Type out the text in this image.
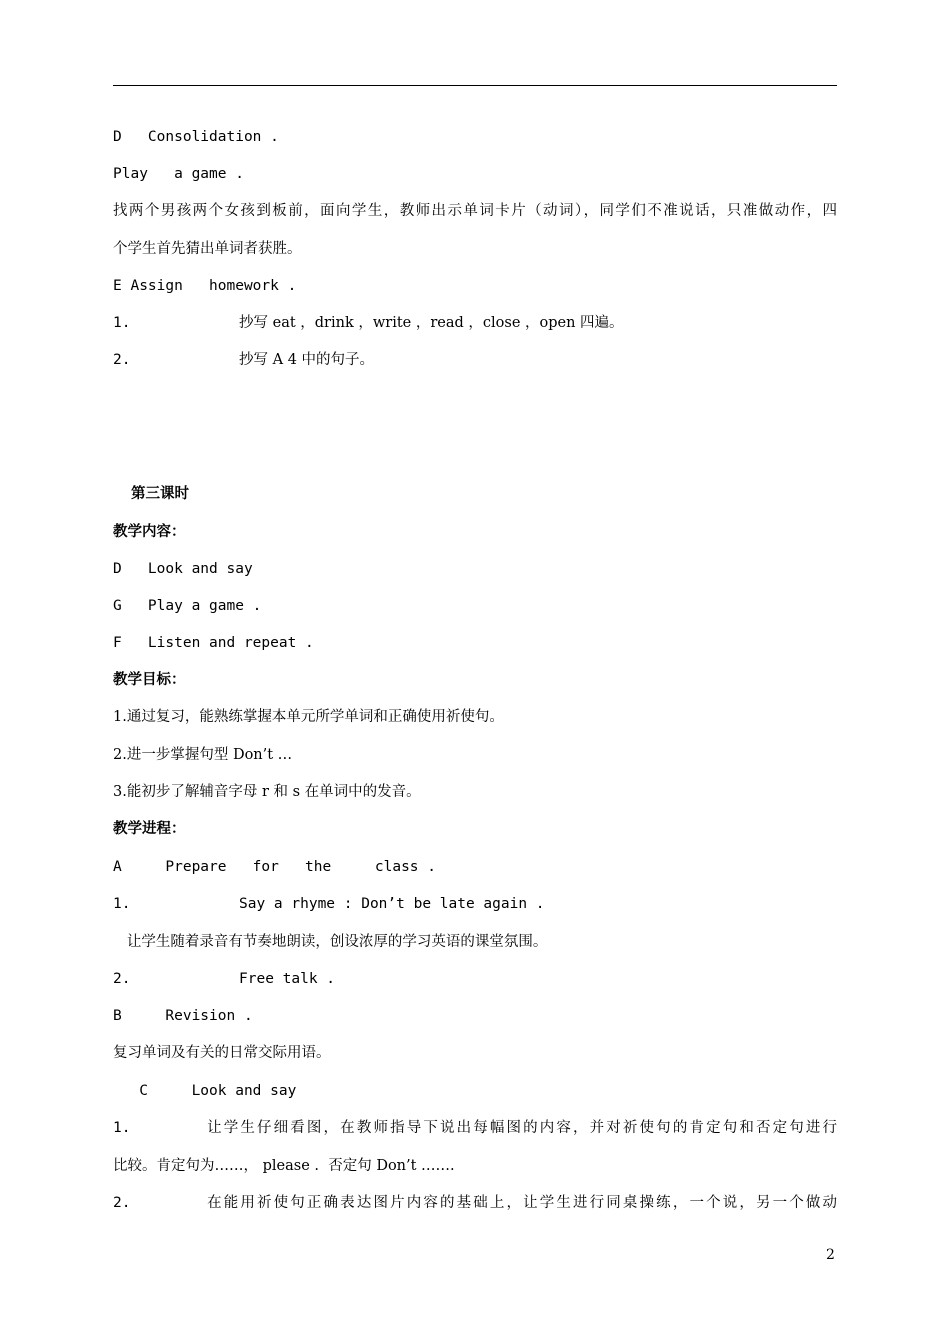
D   Consolidation .
Play   a game .
找两个男孩两个女孩到板前，面向学生，教师出示单词卡片（动词），同学们不准说话，只准做动作，四
个学生首先猜出单词者获胜。
E Assign   homework .
1.	抄写 eat ，drink ，write ，read ，close ，open 四遍。
2.	抄写 A 4 中的句子。
第三课时
教学内容：
D   Look and say
G   Play a game .
F   Listen and repeat .
教学目标：
1.通过复习，能熟练掌握本单元所学单词和正确使用祈使句。
2.进一步掌握句型 Don’t …
3.能初步了解辅音字母 r 和 s 在单词中的发音。
教学进程：
A     Prepare   for   the     class .
1.	Say a rhyme : Don’t be late again .
让学生随着录音有节奏地朗读，创设浓厚的学习英语的课堂氛围。
2.	Free talk .
B     Revision .
复习单词及有关的日常交际用语。
C     Look and say
1.	让学生仔细看图，在教师指导下说出每幅图的内容，并对祈使句的肯定句和否定句进行
比较。肯定句为……， please .  否定句 Don’t …….
2.	在能用祈使句正确表达图片内容的基础上，让学生进行同桌操练，一个说，另一个做动
2
